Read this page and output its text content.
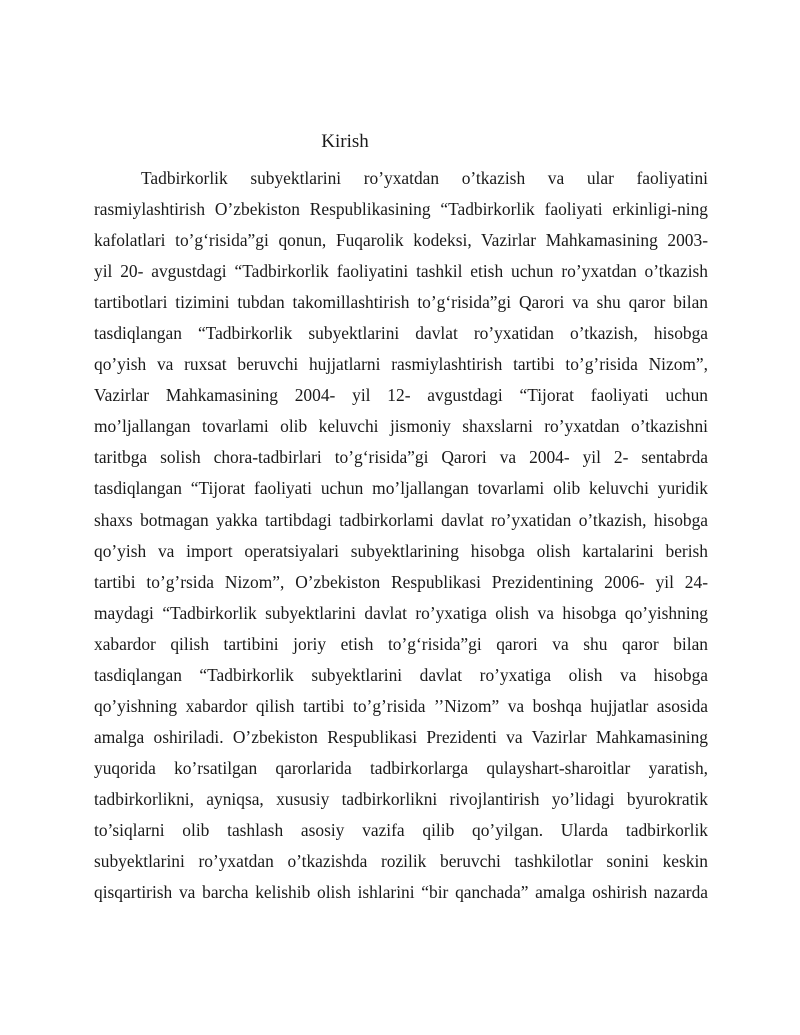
Kirish
Tadbirkorlik subyektlarini ro’yxatdan o’tkazish va ular faoliyatini
rasmiylashtirish O’zbekiston Respublikasining “Tadbirkorlik faoliyati erkinligi-ning
kafolatlari to’g‘risida”gi qonun, Fuqarolik kodeksi, Vazirlar Mahkamasining 2003-
yil 20- avgustdagi “Tadbirkorlik faoliyatini tashkil etish uchun ro’yxatdan o’tkazish
tartibotlari tizimini tubdan takomillashtirish to’g‘risida”gi Qarori va shu qaror bilan
tasdiqlangan “Tadbirkorlik subyektlarini davlat ro’yxatidan o’tkazish, hisobga
qo’yish va ruxsat beruvchi hujjatlarni rasmiylashtirish tartibi to’g’risida Nizom”,
Vazirlar Mahkamasining 2004- yil 12- avgustdagi “Tijorat faoliyati uchun
mo’ljallangan tovarlami olib keluvchi jismoniy shaxslarni ro’yxatdan o’tkazishni
taritbga solish chora-tadbirlari to’g‘risida”gi Qarori va 2004- yil 2- sentabrda
tasdiqlangan “Tijorat faoliyati uchun mo’ljallangan tovarlami olib keluvchi yuridik
shaxs botmagan yakka tartibdagi tadbirkorlami davlat ro’yxatidan o’tkazish, hisobga
qo’yish va import operatsiyalari subyektlarining hisobga olish kartalarini berish
tartibi to’g’rsida Nizom”, O’zbekiston Respublikasi Prezidentining 2006- yil 24-
maydagi “Tadbirkorlik subyektlarini davlat ro’yxatiga olish va hisobga qo’yishning
xabardor qilish tartibini joriy etish to’g‘risida”gi qarori va shu qaror bilan
tasdiqlangan “Tadbirkorlik subyektlarini davlat ro’yxatiga olish va hisobga
qo’yishning xabardor qilish tartibi to’g’risida ’’Nizom” va boshqa hujjatlar asosida
amalga oshiriladi. O’zbekiston Respublikasi Prezidenti va Vazirlar Mahkamasining
yuqorida ko’rsatilgan qarorlarida tadbirkorlarga qulayshart-sharoitlar yaratish,
tadbirkorlikni, ayniqsa, xususiy tadbirkorlikni rivojlantirish yo’lidagi byurokratik
to’siqlarni olib tashlash asosiy vazifa qilib qo’yilgan. Ularda tadbirkorlik
subyektlarini ro’yxatdan o’tkazishda rozilik beruvchi tashkilotlar sonini keskin
qisqartirish va barcha kelishib olish ishlarini “bir qanchada” amalga oshirish nazarda
